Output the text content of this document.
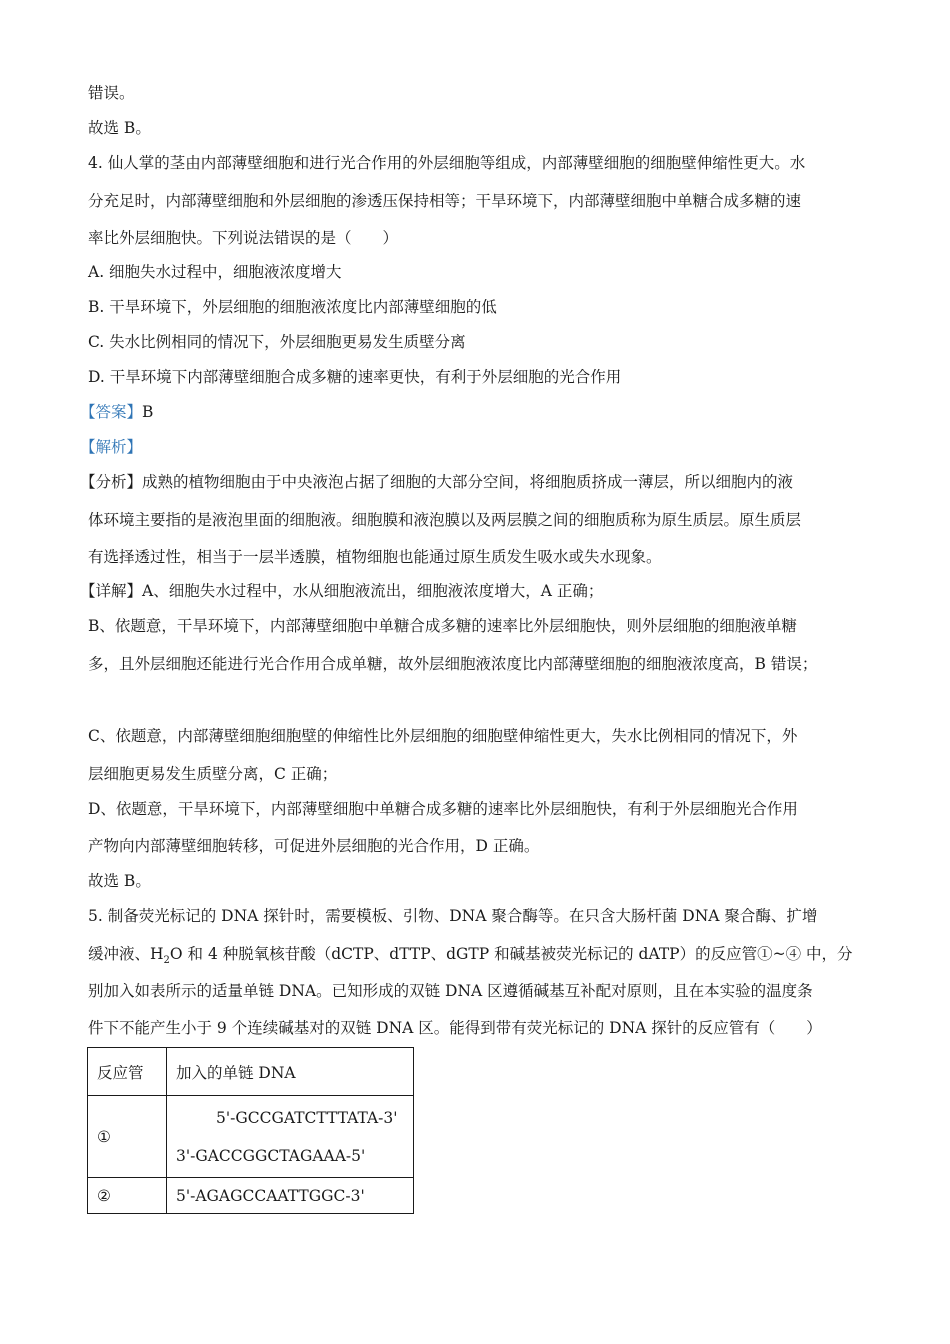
错误。
故选 B。
4. 仙人掌的茎由内部薄壁细胞和进行光合作用的外层细胞等组成，内部薄壁细胞的细胞壁伸缩性更大。水
分充足时，内部薄壁细胞和外层细胞的渗透压保持相等；干旱环境下，内部薄壁细胞中单糖合成多糖的速
率比外层细胞快。下列说法错误的是（　　）
A. 细胞失水过程中，细胞液浓度增大
B. 干旱环境下，外层细胞的细胞液浓度比内部薄壁细胞的低
C. 失水比例相同的情况下，外层细胞更易发生质壁分离
D. 干旱环境下内部薄壁细胞合成多糖的速率更快，有利于外层细胞的光合作用
【答案】B
【解析】
【分析】成熟的植物细胞由于中央液泡占据了细胞的大部分空间，将细胞质挤成一薄层，所以细胞内的液
体环境主要指的是液泡里面的细胞液。细胞膜和液泡膜以及两层膜之间的细胞质称为原生质层。原生质层
有选择透过性，相当于一层半透膜，植物细胞也能通过原生质发生吸水或失水现象。
【详解】A、细胞失水过程中，水从细胞液流出，细胞液浓度增大，A 正确；
B、依题意，干旱环境下，内部薄壁细胞中单糖合成多糖的速率比外层细胞快，则外层细胞的细胞液单糖
多，且外层细胞还能进行光合作用合成单糖，故外层细胞液浓度比内部薄壁细胞的细胞液浓度高，B 错误；
C、依题意，内部薄壁细胞细胞壁的伸缩性比外层细胞的细胞壁伸缩性更大，失水比例相同的情况下，外
层细胞更易发生质壁分离，C 正确；
D、依题意，干旱环境下，内部薄壁细胞中单糖合成多糖的速率比外层细胞快，有利于外层细胞光合作用
产物向内部薄壁细胞转移，可促进外层细胞的光合作用，D 正确。
故选 B。
5. 制备荧光标记的 DNA 探针时，需要模板、引物、DNA 聚合酶等。在只含大肠杆菌 DNA 聚合酶、扩增
缓冲液、$H_2O$ 和 4 种脱氧核苷酸（dCTP、dTTP、dGTP 和碱基被荧光标记的 dATP）的反应管①~④ 中，分
别加入如表所示的适量单链 DNA。已知形成的双链 DNA 区遵循碱基互补配对原则，且在本实验的温度条
件下不能产生小于 9 个连续碱基对的双链 DNA 区。能得到带有荧光标记的 DNA 探针的反应管有（　　）
反应管	加入的单链 DNA
①	5'-GCCGATCTTTATA-3'
3'-GACCGGCTAGAAA-5'

②	5'-AGAGCCAATTGGC-3'
